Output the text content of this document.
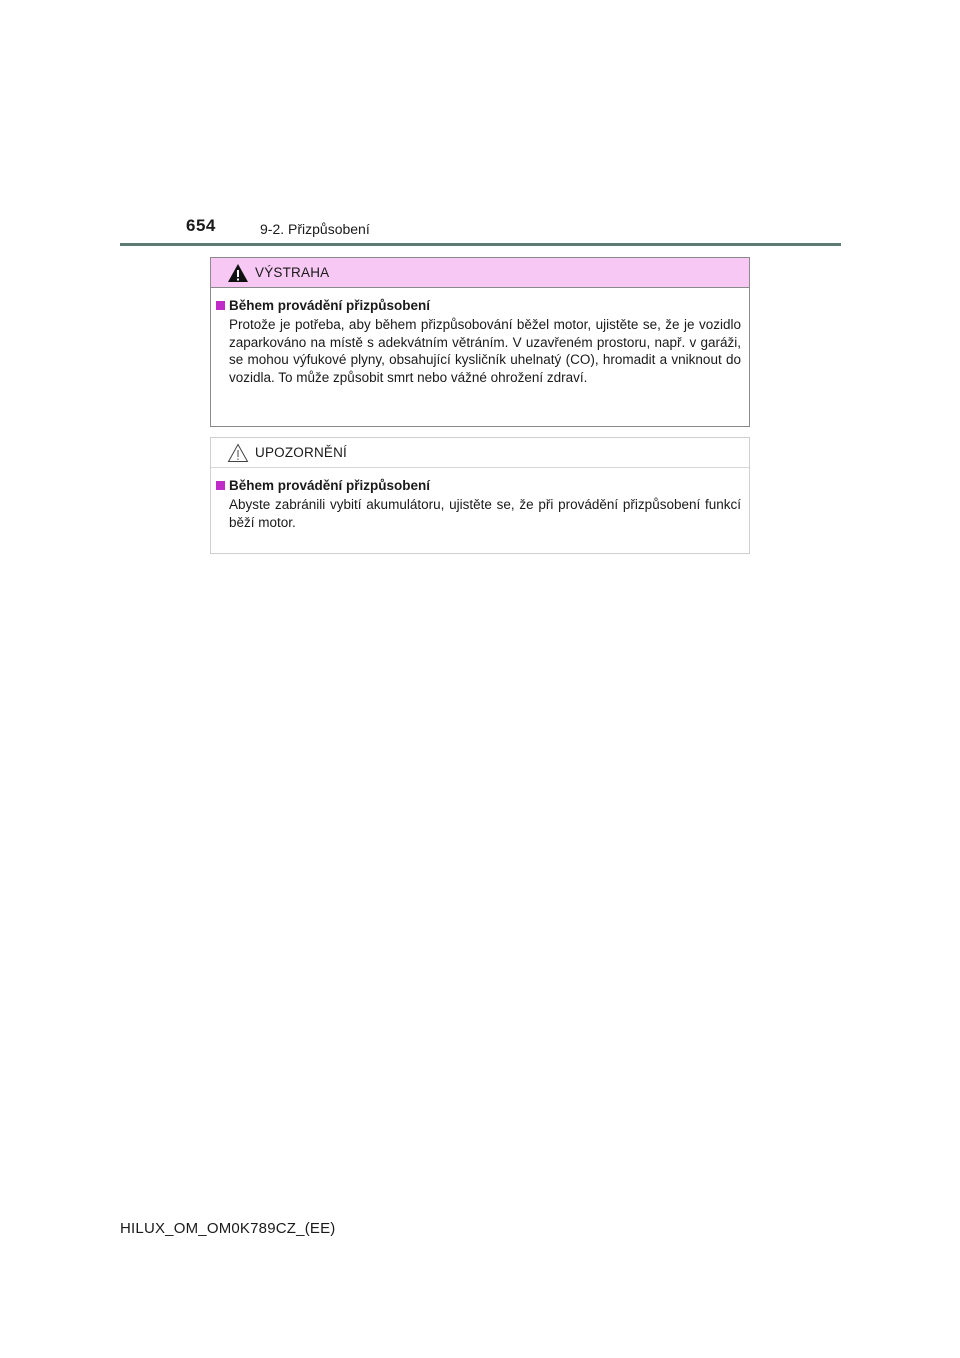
654	9-2. Přizpůsobení
VÝSTRAHA
Během provádění přizpůsobení

Protože je potřeba, aby během přizpůsobování běžel motor, ujistěte se, že je vozidlo zaparkováno na místě s adekvátním větráním. V uzavřeném prostoru, např. v garáži, se mohou výfukové plyny, obsahující kysličník uhelnatý (CO), hromadit a vniknout do vozidla. To může způsobit smrt nebo vážné ohrožení zdraví.

UPOZORNĚNÍ
Během provádění přizpůsobení

Abyste zabránili vybití akumulátoru, ujistěte se, že při provádění přizpůsobení funkcí běží motor.

HILUX_OM_OM0K789CZ_(EE)
